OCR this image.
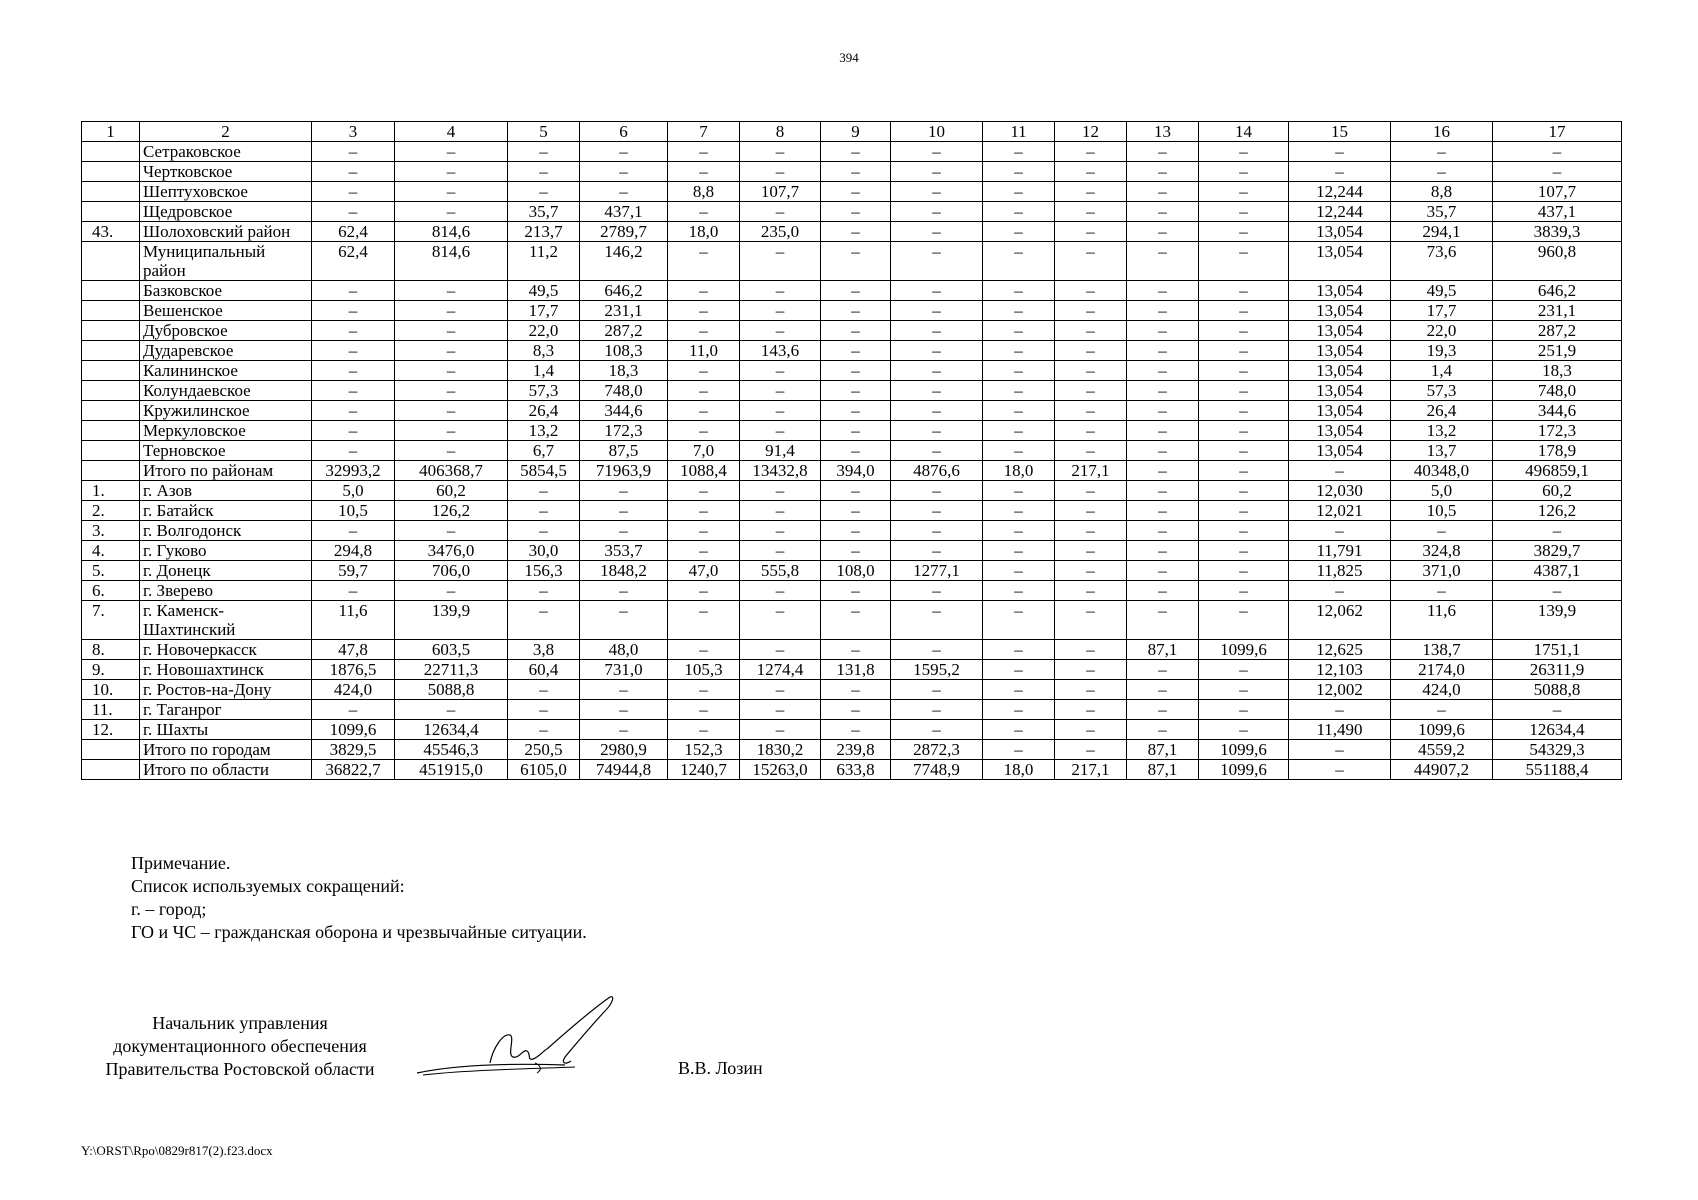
394
1	2	3	4	5	6	7	8	9	10	11	12	13	14	15	16	17
	Сетраковское	–	–	–	–	–	–	–	–	–	–	–	–	–	–	–
	Чертковское	–	–	–	–	–	–	–	–	–	–	–	–	–	–	–
	Шептуховское	–	–	–	–	8,8	107,7	–	–	–	–	–	–	12,244	8,8	107,7
	Щедровское	–	–	35,7	437,1	–	–	–	–	–	–	–	–	12,244	35,7	437,1
43.	Шолоховский район	62,4	814,6	213,7	2789,7	18,0	235,0	–	–	–	–	–	–	13,054	294,1	3839,3
	Муниципальный район	62,4	814,6	11,2	146,2	–	–	–	–	–	–	–	–	13,054	73,6	960,8
	Базковское	–	–	49,5	646,2	–	–	–	–	–	–	–	–	13,054	49,5	646,2
	Вешенское	–	–	17,7	231,1	–	–	–	–	–	–	–	–	13,054	17,7	231,1
	Дубровское	–	–	22,0	287,2	–	–	–	–	–	–	–	–	13,054	22,0	287,2
	Дударевское	–	–	8,3	108,3	11,0	143,6	–	–	–	–	–	–	13,054	19,3	251,9
	Калининское	–	–	1,4	18,3	–	–	–	–	–	–	–	–	13,054	1,4	18,3
	Колундаевское	–	–	57,3	748,0	–	–	–	–	–	–	–	–	13,054	57,3	748,0
	Кружилинское	–	–	26,4	344,6	–	–	–	–	–	–	–	–	13,054	26,4	344,6
	Меркуловское	–	–	13,2	172,3	–	–	–	–	–	–	–	–	13,054	13,2	172,3
	Терновское	–	–	6,7	87,5	7,0	91,4	–	–	–	–	–	–	13,054	13,7	178,9
	Итого по районам	32993,2	406368,7	5854,5	71963,9	1088,4	13432,8	394,0	4876,6	18,0	217,1	–	–	–	40348,0	496859,1
1.	г. Азов	5,0	60,2	–	–	–	–	–	–	–	–	–	–	12,030	5,0	60,2
2.	г. Батайск	10,5	126,2	–	–	–	–	–	–	–	–	–	–	12,021	10,5	126,2
3.	г. Волгодонск	–	–	–	–	–	–	–	–	–	–	–	–	–	–	–
4.	г. Гуково	294,8	3476,0	30,0	353,7	–	–	–	–	–	–	–	–	11,791	324,8	3829,7
5.	г. Донецк	59,7	706,0	156,3	1848,2	47,0	555,8	108,0	1277,1	–	–	–	–	11,825	371,0	4387,1
6.	г. Зверево	–	–	–	–	–	–	–	–	–	–	–	–	–	–	–
7.	г. Каменск-Шахтинский	11,6	139,9	–	–	–	–	–	–	–	–	–	–	12,062	11,6	139,9
8.	г. Новочеркасск	47,8	603,5	3,8	48,0	–	–	–	–	–	–	87,1	1099,6	12,625	138,7	1751,1
9.	г. Новошахтинск	1876,5	22711,3	60,4	731,0	105,3	1274,4	131,8	1595,2	–	–	–	–	12,103	2174,0	26311,9
10.	г. Ростов-на-Дону	424,0	5088,8	–	–	–	–	–	–	–	–	–	–	12,002	424,0	5088,8
11.	г. Таганрог	–	–	–	–	–	–	–	–	–	–	–	–	–	–	–
12.	г. Шахты	1099,6	12634,4	–	–	–	–	–	–	–	–	–	–	11,490	1099,6	12634,4
	Итого по городам	3829,5	45546,3	250,5	2980,9	152,3	1830,2	239,8	2872,3	–	–	87,1	1099,6	–	4559,2	54329,3
	Итого по области	36822,7	451915,0	6105,0	74944,8	1240,7	15263,0	633,8	7748,9	18,0	217,1	87,1	1099,6	–	44907,2	551188,4
Примечание.
Список используемых сокращений:
г. – город;
ГО и ЧС – гражданская оборона и чрезвычайные ситуации.
Начальник управления
документационного обеспечения
Правительства Ростовской области	В.В. Лозин
Y:\ORST\Rpo\0829r817(2).f23.docx
